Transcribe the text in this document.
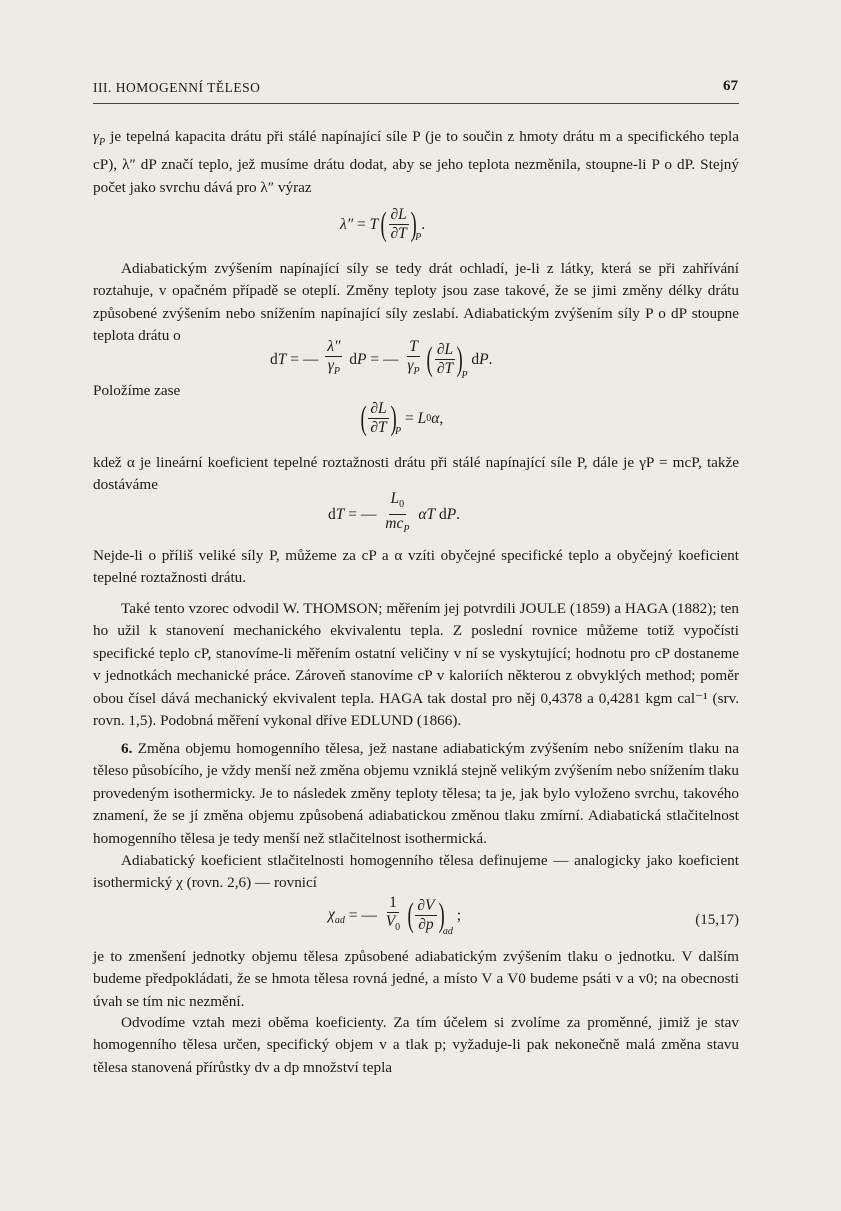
III. HOMOGENNÍ TĚLESO	67
$\gamma_P$ je tepelná kapacita drátu při stálé napínající síle P (je to součin z hmoty drátu m a specifického tepla cP), λ″ dP značí teplo, jež musíme drátu dodat, aby se jeho teplota nezměnila, stoupne-li P o dP. Stejný počet jako svrchu dává pro λ″ výraz
λ″ = T
( $\frac{\partial L}{\partial T}$ )
P
.
Adiabatickým zvýšením napínající síly se tedy drát ochladí, je-li z látky, která se při zahřívání roztahuje, v opačném případě se oteplí. Změny teploty jsou zase takové, že se jimi změny délky drátu způsobené zvýšením nebo snížením napínající síly zeslabí. Adiabatickým zvýšením síly P o dP stoupne teplota drátu o
d T = — $\frac{\lambda''}{\gamma_P}$ d P = — $\frac{T}{\gamma_P}$
( $\frac{\partial L}{\partial T}$ )
P
d P .
Položíme zase
( $\frac{\partial L}{\partial T}$ )
P
= L 0 α ,
kdež α je lineární koeficient tepelné roztažnosti drátu při stálé napínající síle P, dále je γP = mcP, takže dostáváme
d T = — $\frac{L_0}{mc_P}$
αT d P .
Nejde-li o příliš veliké síly P, můžeme za cP a α vzíti obyčejné specifické teplo a obyčejný koeficient tepelné roztažnosti drátu.
Také tento vzorec odvodil W. THOMSON; měřením jej potvrdili JOULE (1859) a HAGA (1882); ten ho užil k stanovení mechanického ekvivalentu tepla. Z poslední rovnice můžeme totiž vypočísti specifické teplo cP, stanovíme-li měřením ostatní veličiny v ní se vyskytující; hodnotu pro cP dostaneme v jednotkách mechanické práce. Zároveň stanovíme cP v kaloriích některou z obvyklých method; poměr obou čísel dává mechanický ekvivalent tepla. HAGA tak dostal pro něj 0,4378 a 0,4281 kgm cal⁻¹ (srv. rovn. 1,5). Podobná měření vykonal dříve EDLUND (1866).
6. Změna objemu homogenního tělesa, jež nastane adiabatickým zvýšením nebo snížením tlaku na těleso působícího, je vždy menší než změna objemu vzniklá stejně velikým zvýšením nebo snížením tlaku provedeným isothermicky. Je to následek změny teploty tělesa; ta je, jak bylo vyloženo svrchu, takového znamení, že se jí změna objemu způsobená adiabatickou změnou tlaku zmírní. Adiabatická stlačitelnost homogenního tělesa je tedy menší než stlačitelnost isothermická.
Adiabatický koeficient stlačitelnosti homogenního tělesa definujeme — analogicky jako koeficient isothermický χ (rovn. 2,6) — rovnicí
$\chi_{ad}$ = — $\frac{1}{V_0}$
( $\frac{\partial V}{\partial p}$ )
ad
;	(15,17)
je to zmenšení jednotky objemu tělesa způsobené adiabatickým zvýšením tlaku o jednotku. V dalším budeme předpokládati, že se hmota tělesa rovná jedné, a místo V a V0 budeme psáti v a v0; na obecnosti úvah se tím nic nezmění.
Odvodíme vztah mezi oběma koeficienty. Za tím účelem si zvolíme za proměnné, jimiž je stav homogenního tělesa určen, specifický objem v a tlak p; vyžaduje-li pak nekonečně malá změna stavu tělesa stanovená přírůstky dv a dp množství tepla
